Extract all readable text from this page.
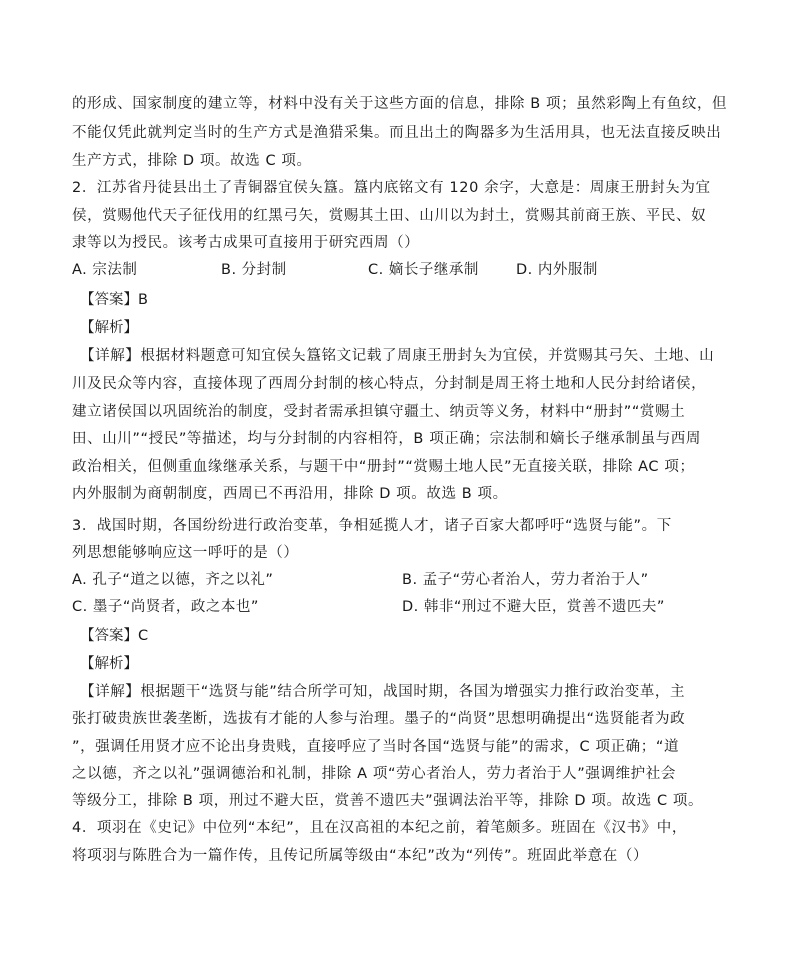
的形成、国家制度的建立等，材料中没有关于这些方面的信息，排除 B 项；虽然彩陶上有鱼纹，但
不能仅凭此就判定当时的生产方式是渔猎采集。而且出土的陶器多为生活用具，也无法直接反映出
生产方式，排除 D 项。故选 C 项。
2．江苏省丹徒县出土了青铜器宜侯夨簋。簋内底铭文有 120 余字，大意是：周康王册封夨为宜
侯，赏赐他代天子征伐用的红黑弓矢，赏赐其土田、山川以为封土，赏赐其前商王族、平民、奴
隶等以为授民。该考古成果可直接用于研究西周（）
A. 宗法制	B. 分封制	C. 嫡长子继承制	D. 内外服制
【答案】B
【解析】
【详解】根据材料题意可知宜侯夨簋铭文记载了周康王册封夨为宜侯，并赏赐其弓矢、土地、山
川及民众等内容，直接体现了西周分封制的核心特点，分封制是周王将土地和人民分封给诸侯，
建立诸侯国以巩固统治的制度，受封者需承担镇守疆土、纳贡等义务，材料中“册封”“赏赐土
田、山川”“授民”等描述，均与分封制的内容相符，B 项正确；宗法制和嫡长子继承制虽与西周
政治相关，但侧重血缘继承关系，与题干中“册封”“赏赐土地人民”无直接关联，排除 AC 项；
内外服制为商朝制度，西周已不再沿用，排除 D 项。故选 B 项。
3．战国时期，各国纷纷进行政治变革，争相延揽人才，诸子百家大都呼吁“选贤与能”。下
列思想能够响应这一呼吁的是（）
A. 孔子“道之以德，齐之以礼”	B. 孟子“劳心者治人，劳力者治于人”
C. 墨子“尚贤者，政之本也”	D. 韩非“刑过不避大臣，赏善不遗匹夫”
【答案】C
【解析】
【详解】根据题干“选贤与能”结合所学可知，战国时期，各国为增强实力推行政治变革，主
张打破贵族世袭垄断，选拔有才能的人参与治理。墨子的“尚贤”思想明确提出“选贤能者为政
”，强调任用贤才应不论出身贵贱，直接呼应了当时各国“选贤与能”的需求，C 项正确；“道
之以德，齐之以礼”强调德治和礼制，排除 A 项“劳心者治人，劳力者治于人”强调维护社会
等级分工，排除 B 项，刑过不避大臣，赏善不遗匹夫”强调法治平等，排除 D 项。故选 C 项。
4．项羽在《史记》中位列“本纪”，且在汉高祖的本纪之前，着笔颇多。班固在《汉书》中，
将项羽与陈胜合为一篇作传，且传记所属等级由“本纪”改为“列传”。班固此举意在（）
